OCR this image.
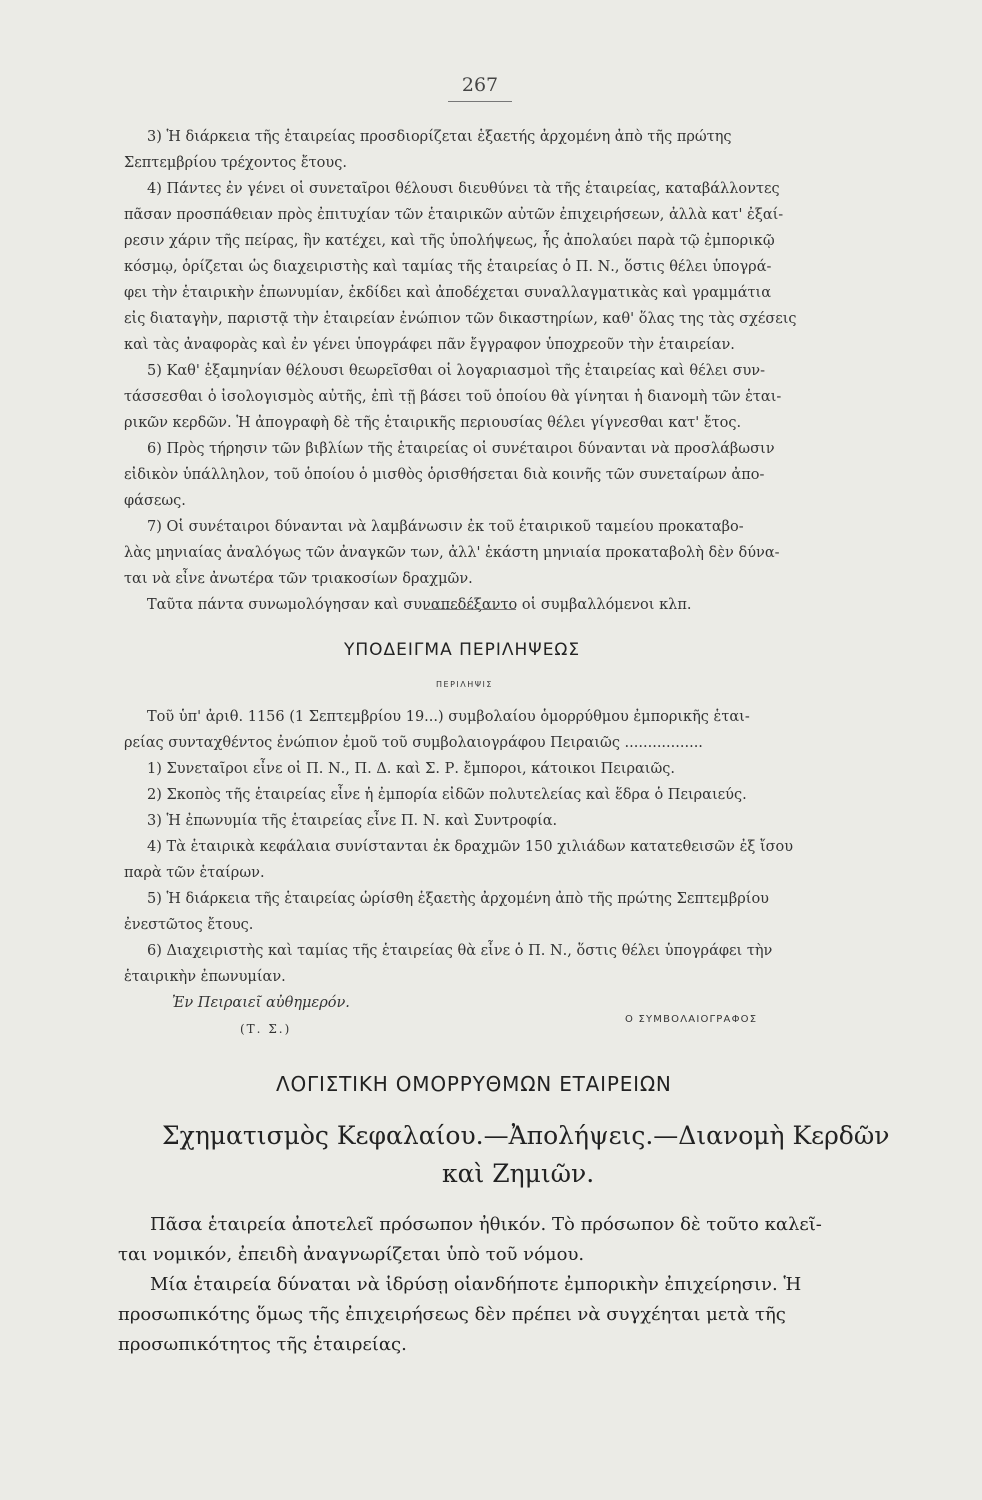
267
3) Ἡ διάρκεια τῆς ἑταιρείας προσδιορίζεται ἑξαετής ἀρχομένη ἀπὸ τῆς πρώτης
Σεπτεμβρίου τρέχοντος ἔτους.
4) Πάντες ἐν γένει οἱ συνεταῖροι θέλουσι διευθύνει τὰ τῆς ἑταιρείας, καταβάλλοντες
πᾶσαν προσπάθειαν πρὸς ἐπιτυχίαν τῶν ἑταιρικῶν αὐτῶν ἐπιχειρήσεων, ἀλλὰ κατ' ἐξαί-
ρεσιν χάριν τῆς πείρας, ἣν κατέχει, καὶ τῆς ὑπολήψεως, ἧς ἀπολαύει παρὰ τῷ ἐμπορικῷ
κόσμῳ, ὁρίζεται ὡς διαχειριστὴς καὶ ταμίας τῆς ἑταιρείας ὁ Π. Ν., ὅστις θέλει ὑπογρά-
φει τὴν ἑταιρικὴν ἐπωνυμίαν, ἐκδίδει καὶ ἀποδέχεται συναλλαγματικὰς καὶ γραμμάτια
εἰς διαταγὴν, παριστᾷ τὴν ἑταιρείαν ἐνώπιον τῶν δικαστηρίων, καθ' ὅλας της τὰς σχέσεις
καὶ τὰς ἀναφορὰς καὶ ἐν γένει ὑπογράφει πᾶν ἔγγραφον ὑποχρεοῦν τὴν ἑταιρείαν.
5) Καθ' ἑξαμηνίαν θέλουσι θεωρεῖσθαι οἱ λογαριασμοὶ τῆς ἑταιρείας καὶ θέλει συν-
τάσσεσθαι ὁ ἰσολογισμὸς αὐτῆς, ἐπὶ τῇ βάσει τοῦ ὁποίου θὰ γίνηται ἡ διανομὴ τῶν ἑται-
ρικῶν κερδῶν. Ἡ ἀπογραφὴ δὲ τῆς ἑταιρικῆς περιουσίας θέλει γίγνεσθαι κατ' ἔτος.
6) Πρὸς τήρησιν τῶν βιβλίων τῆς ἑταιρείας οἱ συνέταιροι δύνανται νὰ προσλάβωσιν
εἰδικὸν ὑπάλληλον, τοῦ ὁποίου ὁ μισθὸς ὁρισθήσεται διὰ κοινῆς τῶν συνεταίρων ἀπο-
φάσεως.
7) Οἱ συνέταιροι δύνανται νὰ λαμβάνωσιν ἐκ τοῦ ἑταιρικοῦ ταμείου προκαταβο-
λὰς μηνιαίας ἀναλόγως τῶν ἀναγκῶν των, ἀλλ' ἑκάστη μηνιαία προκαταβολὴ δὲν δύνα-
ται νὰ εἶνε ἀνωτέρα τῶν τριακοσίων δραχμῶν.
Ταῦτα πάντα συνωμολόγησαν καὶ συναπεδέξαντο οἱ συμβαλλόμενοι κλπ.
ΥΠΟΔΕΙΓΜΑ ΠΕΡΙΛΗΨΕΩΣ
ΠΕΡΙΛΗΨΙΣ
Τοῦ ὑπ' ἀριθ. 1156 (1 Σεπτεμβρίου 19...) συμβολαίου ὁμορρύθμου ἐμπορικῆς ἑται-
ρείας συνταχθέντος ἐνώπιον ἐμοῦ τοῦ συμβολαιογράφου Πειραιῶς .................
1) Συνεταῖροι εἶνε οἱ Π. Ν., Π. Δ. καὶ Σ. Ρ. ἔμποροι, κάτοικοι Πειραιῶς.
2) Σκοπὸς τῆς ἑταιρείας εἶνε ἡ ἐμπορία εἰδῶν πολυτελείας καὶ ἕδρα ὁ Πειραιεύς.
3) Ἡ ἐπωνυμία τῆς ἑταιρείας εἶνε Π. Ν. καὶ Συντροφία.
4) Τὰ ἑταιρικὰ κεφάλαια συνίστανται ἐκ δραχμῶν 150 χιλιάδων κατατεθεισῶν ἐξ ἴσου
παρὰ τῶν ἑταίρων.
5) Ἡ διάρκεια τῆς ἑταιρείας ὡρίσθη ἑξαετὴς ἀρχομένη ἀπὸ τῆς πρώτης Σεπτεμβρίου
ἐνεστῶτος ἔτους.
6) Διαχειριστὴς καὶ ταμίας τῆς ἑταιρείας θὰ εἶνε ὁ Π. Ν., ὅστις θέλει ὑπογράφει τὴν
ἑταιρικὴν ἐπωνυμίαν.
Ἐν Πειραιεῖ αὐθημερόν.
(Τ. Σ.)
Ο ΣΥΜΒΟΛΑΙΟΓΡΑΦΟΣ
ΛΟΓΙΣΤΙΚΗ ΟΜΟΡΡΥΘΜΩΝ ΕΤΑΙΡΕΙΩΝ
Σχηματισμὸς Κεφαλαίου.—Ἀπολήψεις.—Διανομὴ Κερδῶν
καὶ Ζημιῶν.
Πᾶσα ἑταιρεία ἀποτελεῖ πρόσωπον ἠθικόν. Τὸ πρόσωπον δὲ τοῦτο καλεῖ-
ται νομικόν, ἐπειδὴ ἀναγνωρίζεται ὑπὸ τοῦ νόμου.
Μία ἑταιρεία δύναται νὰ ἱδρύσῃ οἱανδήποτε ἐμπορικὴν ἐπιχείρησιν. Ἡ
προσωπικότης ὅμως τῆς ἐπιχειρήσεως δὲν πρέπει νὰ συγχέηται μετὰ τῆς
προσωπικότητος τῆς ἑταιρείας.
